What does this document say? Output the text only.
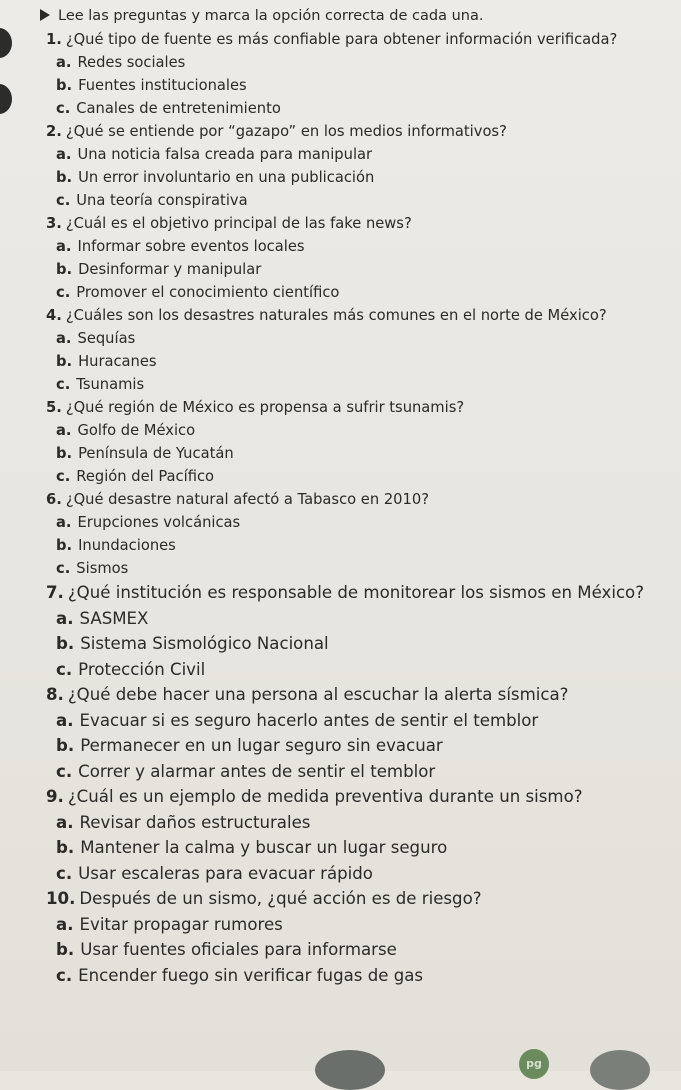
Lee las preguntas y marca la opción correcta de cada una.
1. ¿Qué tipo de fuente es más confiable para obtener información verificada?
a. Redes sociales
b. Fuentes institucionales
c. Canales de entretenimiento
2. ¿Qué se entiende por “gazapo” en los medios informativos?
a. Una noticia falsa creada para manipular
b. Un error involuntario en una publicación
c. Una teoría conspirativa
3. ¿Cuál es el objetivo principal de las fake news?
a. Informar sobre eventos locales
b. Desinformar y manipular
c. Promover el conocimiento científico
4. ¿Cuáles son los desastres naturales más comunes en el norte de México?
a. Sequías
b. Huracanes
c. Tsunamis
5. ¿Qué región de México es propensa a sufrir tsunamis?
a. Golfo de México
b. Península de Yucatán
c. Región del Pacífico
6. ¿Qué desastre natural afectó a Tabasco en 2010?
a. Erupciones volcánicas
b. Inundaciones
c. Sismos
7. ¿Qué institución es responsable de monitorear los sismos en México?
a. SASMEX
b. Sistema Sismológico Nacional
c. Protección Civil
8. ¿Qué debe hacer una persona al escuchar la alerta sísmica?
a. Evacuar si es seguro hacerlo antes de sentir el temblor
b. Permanecer en un lugar seguro sin evacuar
c. Correr y alarmar antes de sentir el temblor
9. ¿Cuál es un ejemplo de medida preventiva durante un sismo?
a. Revisar daños estructurales
b. Mantener la calma y buscar un lugar seguro
c. Usar escaleras para evacuar rápido
10. Después de un sismo, ¿qué acción es de riesgo?
a. Evitar propagar rumores
b. Usar fuentes oficiales para informarse
c. Encender fuego sin verificar fugas de gas
pg
